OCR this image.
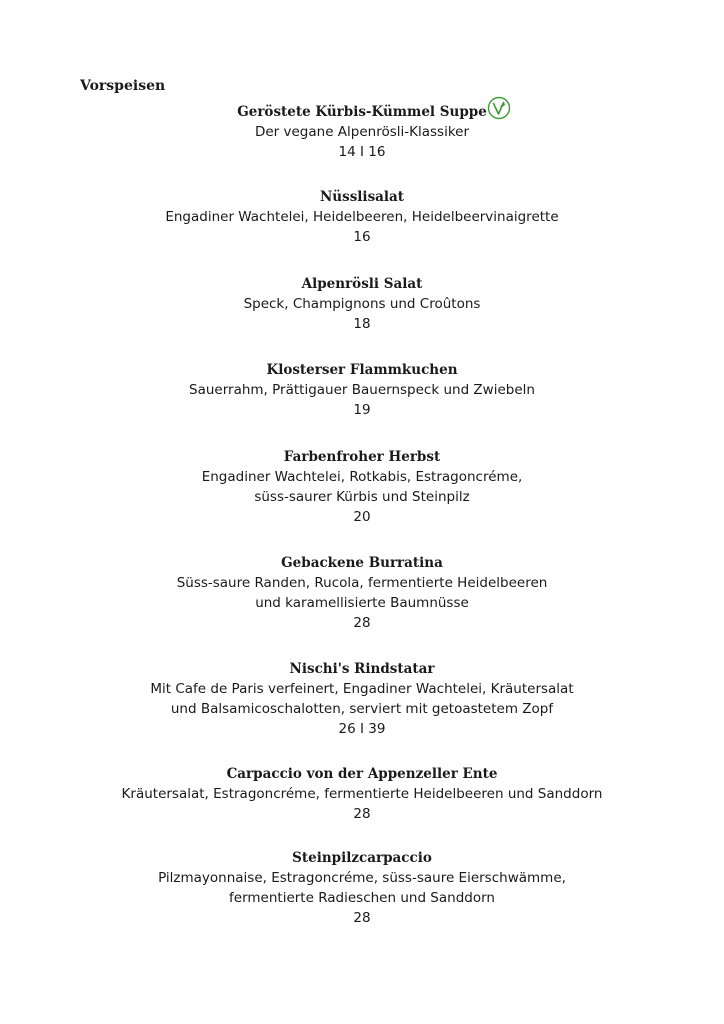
Vorspeisen
Geröstete Kürbis-Kümmel Suppe
Der vegane Alpenrösli-Klassiker
14 I 16
Nüsslisalat
Engadiner Wachtelei, Heidelbeeren, Heidelbeervinaigrette
16
Alpenrösli Salat
Speck, Champignons und Croûtons
18
Klosterser Flammkuchen
Sauerrahm, Prättigauer Bauernspeck und Zwiebeln
19
Farbenfroher Herbst
Engadiner Wachtelei, Rotkabis, Estragoncréme,
süss-saurer Kürbis und Steinpilz
20
Gebackene Burratina
Süss-saure Randen, Rucola, fermentierte Heidelbeeren
und karamellisierte Baumnüsse
28
Nischi's Rindstatar
Mit Cafe de Paris verfeinert, Engadiner Wachtelei, Kräutersalat
und Balsamicoschalotten, serviert mit getoastetem Zopf
26 I 39
Carpaccio von der Appenzeller Ente
Kräutersalat, Estragoncréme, fermentierte Heidelbeeren und Sanddorn
28
Steinpilzcarpaccio
Pilzmayonnaise, Estragoncréme, süss-saure Eierschwämme,
fermentierte Radieschen und Sanddorn
28
